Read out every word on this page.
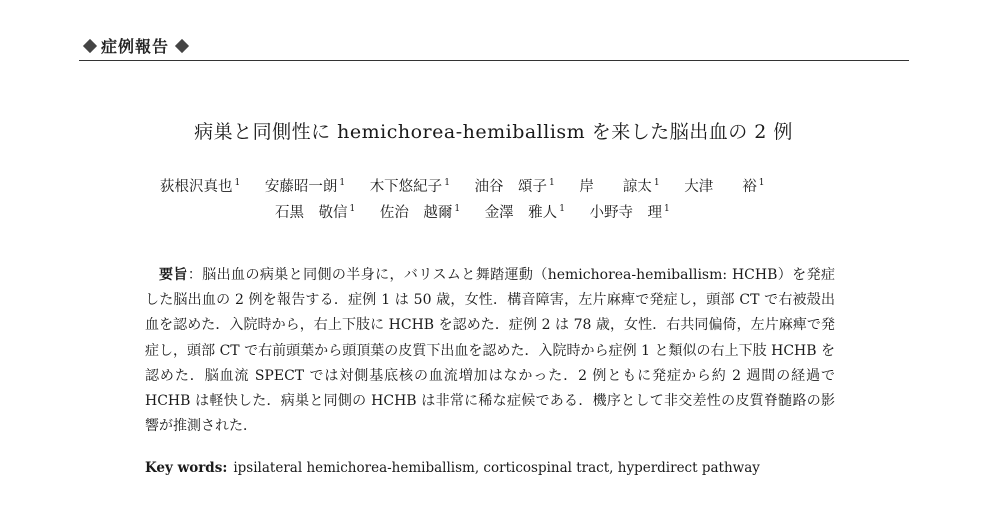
症例報告
病巣と同側性に hemichorea-hemiballism を来した脳出血の 2 例
荻根沢真也 $^1$ 安藤昭一朗 $^1$ 木下悠紀子 $^1$ 油谷　頌子 $^1$ 岸　　諒太 $^1$ 大津　　裕 $^1$
石黒　敬信 $^1$ 佐治　越爾 $^1$ 金澤　雅人 $^1$ 小野寺　理 $^1$
要旨：脳出血の病巣と同側の半身に，バリスムと舞踏運動（hemichorea-hemiballism: HCHB）を発症した脳出血の 2 例を報告する．症例 1 は 50 歳，女性．構音障害，左片麻痺で発症し，頭部 CT で右被殻出血を認めた．入院時から，右上下肢に HCHB を認めた．症例 2 は 78 歳，女性．右共同偏倚，左片麻痺で発症し，頭部 CT で右前頭葉から頭頂葉の皮質下出血を認めた．入院時から症例 1 と類似の右上下肢 HCHB を認めた．脳血流 SPECT では対側基底核の血流増加はなかった．2 例ともに発症から約 2 週間の経過で HCHB は軽快した．病巣と同側の HCHB は非常に稀な症候である．機序として非交差性の皮質脊髄路の影響が推測された．
Key words: ipsilateral hemichorea-hemiballism, corticospinal tract, hyperdirect pathway
